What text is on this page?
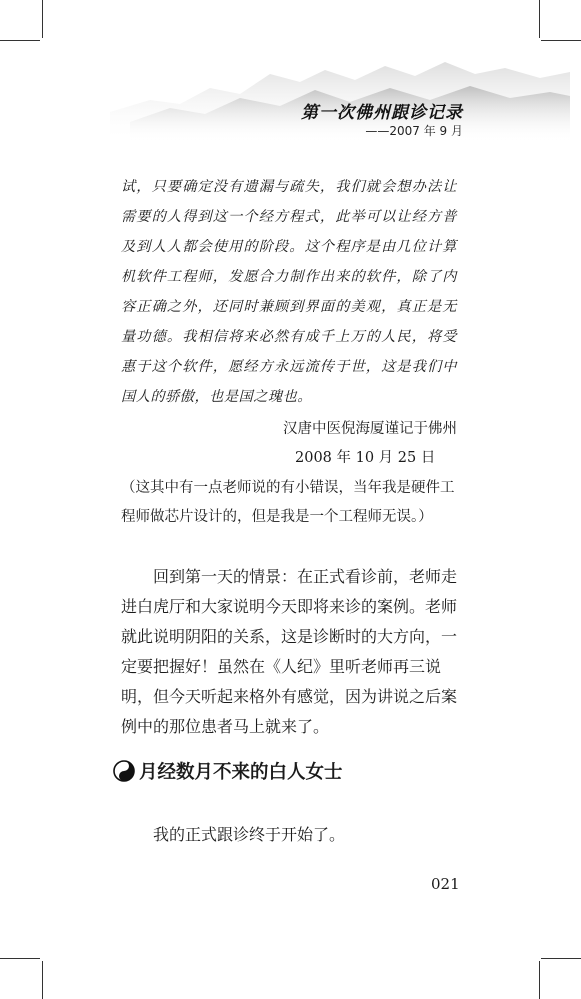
第一次佛州跟诊记录
——2007 年 9 月

试，只要确定没有遗漏与疏失，我们就会想办法让需要的人得到这一个经方程式，此举可以让经方普及到人人都会使用的阶段。这个程序是由几位计算机软件工程师，发愿合力制作出来的软件，除了内容正确之外，还同时兼顾到界面的美观，真正是无量功德。我相信将来必然有成千上万的人民，将受惠于这个软件，愿经方永远流传于世，这是我们中国人的骄傲，也是国之瑰也。

汉唐中医倪海厦谨记于佛州
2008 年 10 月 25 日

（这其中有一点老师说的有小错误，当年我是硬件工程师做芯片设计的，但是我是一个工程师无误。）

回到第一天的情景：在正式看诊前，老师走进白虎厅和大家说明今天即将来诊的案例。老师就此说明阴阳的关系，这是诊断时的大方向，一定要把握好！虽然在《人纪》里听老师再三说明，但今天听起来格外有感觉，因为讲说之后案例中的那位患者马上就来了。

月经数月不来的白人女士

我的正式跟诊终于开始了。

021
